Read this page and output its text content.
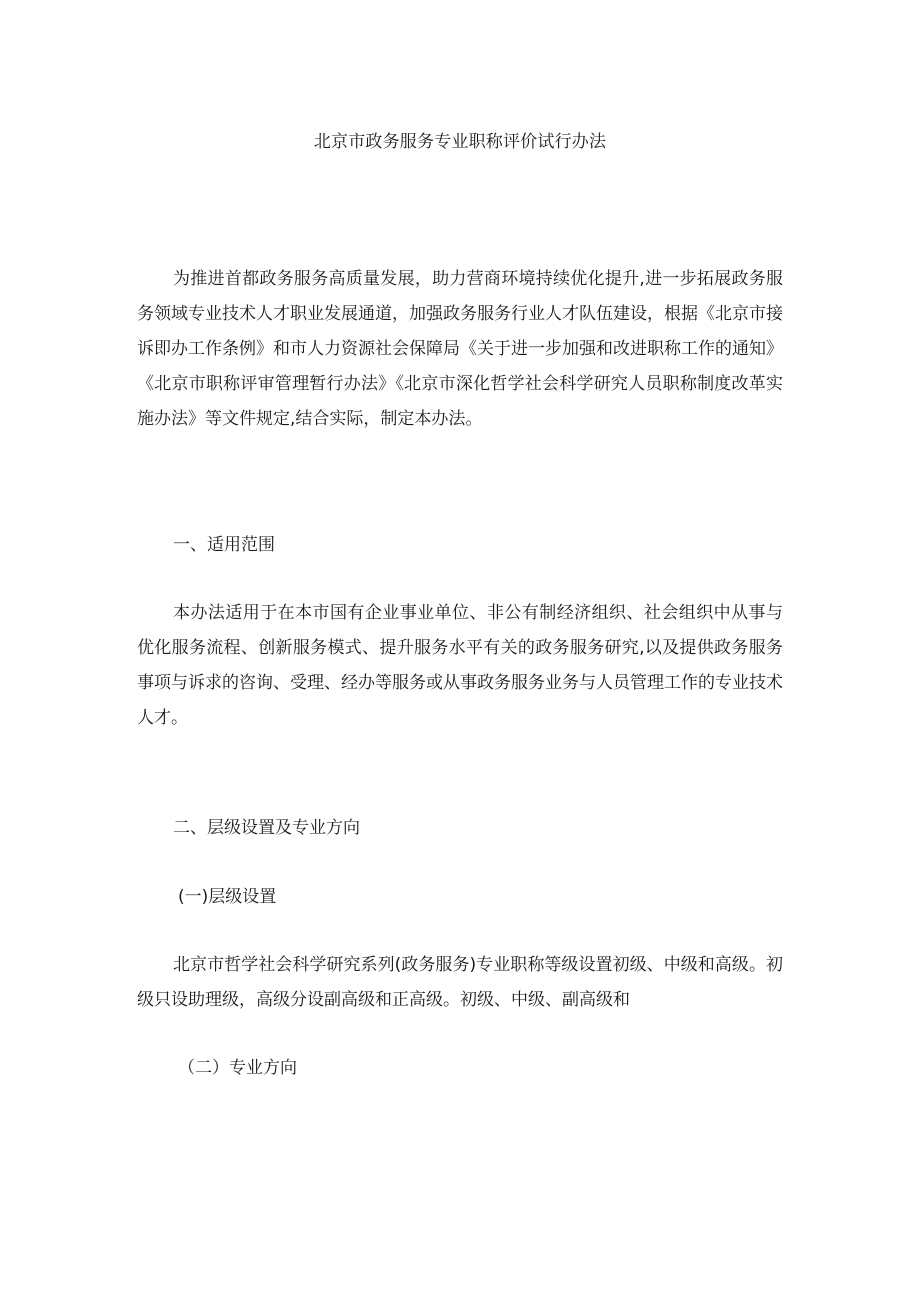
北京市政务服务专业职称评价试行办法

为推进首都政务服务高质量发展，助力营商环境持续优化提升,进一步拓展政务服务领域专业技术人才职业发展通道，加强政务服务行业人才队伍建设，根据《北京市接诉即办工作条例》和市人力资源社会保障局《关于进一步加强和改进职称工作的通知》《北京市职称评审管理暂行办法》《北京市深化哲学社会科学研究人员职称制度改革实施办法》等文件规定,结合实际，制定本办法。

一、适用范围

本办法适用于在本市国有企业事业单位、非公有制经济组织、社会组织中从事与优化服务流程、创新服务模式、提升服务水平有关的政务服务研究,以及提供政务服务事项与诉求的咨询、受理、经办等服务或从事政务服务业务与人员管理工作的专业技术人才。

二、层级设置及专业方向

(一)层级设置

北京市哲学社会科学研究系列(政务服务)专业职称等级设置初级、中级和高级。初级只设助理级，高级分设副高级和正高级。初级、中级、副高级和

（二）专业方向
